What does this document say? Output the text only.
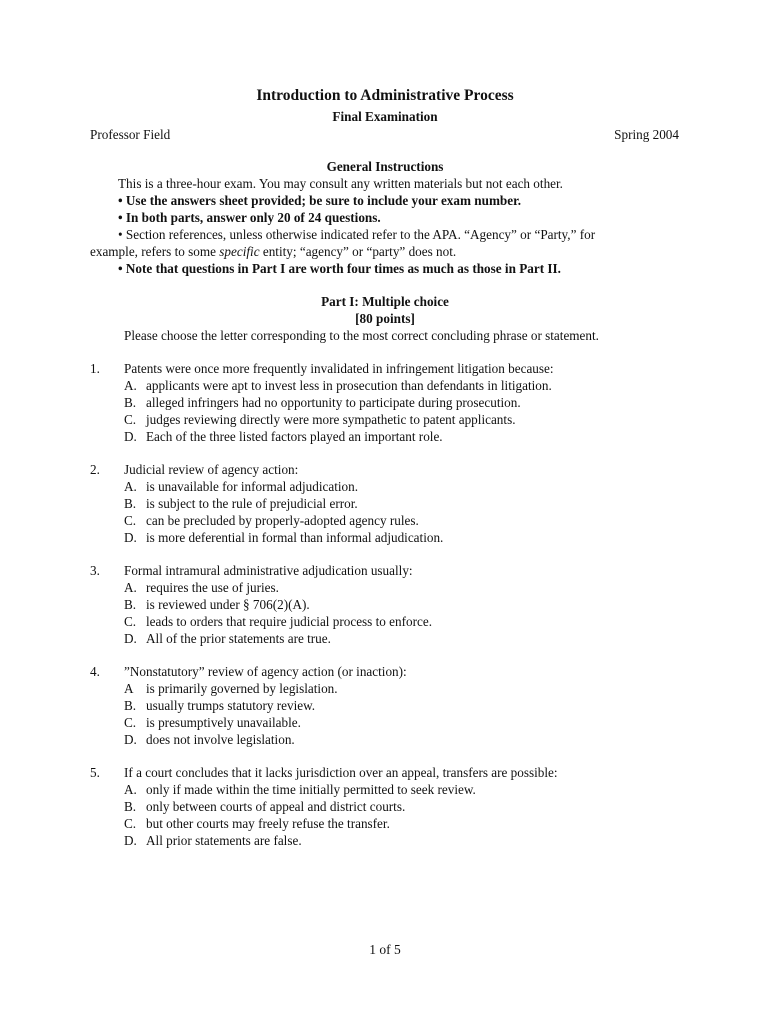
Introduction to Administrative Process
Final Examination
Professor Field	Spring 2004
General Instructions
This is a three-hour exam. You may consult any written materials but not each other.
• Use the answers sheet provided; be sure to include your exam number.
• In both parts, answer only 20 of 24 questions.
• Section references, unless otherwise indicated refer to the APA. “Agency” or “Party,” for
example, refers to some specific entity; “agency” or “party” does not.
• Note that questions in Part I are worth four times as much as those in Part II.
Part I: Multiple choice
[80 points]
Please choose the letter corresponding to the most correct concluding phrase or statement.
1. Patents were once more frequently invalidated in infringement litigation because:
A. applicants were apt to invest less in prosecution than defendants in litigation.
B. alleged infringers had no opportunity to participate during prosecution.
C. judges reviewing directly were more sympathetic to patent applicants.
D. Each of the three listed factors played an important role.
2. Judicial review of agency action:
A. is unavailable for informal adjudication.
B. is subject to the rule of prejudicial error.
C. can be precluded by properly-adopted agency rules.
D. is more deferential in formal than informal adjudication.
3. Formal intramural administrative adjudication usually:
A. requires the use of juries.
B. is reviewed under § 706(2)(A).
C. leads to orders that require judicial process to enforce.
D. All of the prior statements are true.
4. ”Nonstatutory” review of agency action (or inaction):
A is primarily governed by legislation.
B. usually trumps statutory review.
C. is presumptively unavailable.
D. does not involve legislation.
5. If a court concludes that it lacks jurisdiction over an appeal, transfers are possible:
A. only if made within the time initially permitted to seek review.
B. only between courts of appeal and district courts.
C. but other courts may freely refuse the transfer.
D. All prior statements are false.
1 of 5
